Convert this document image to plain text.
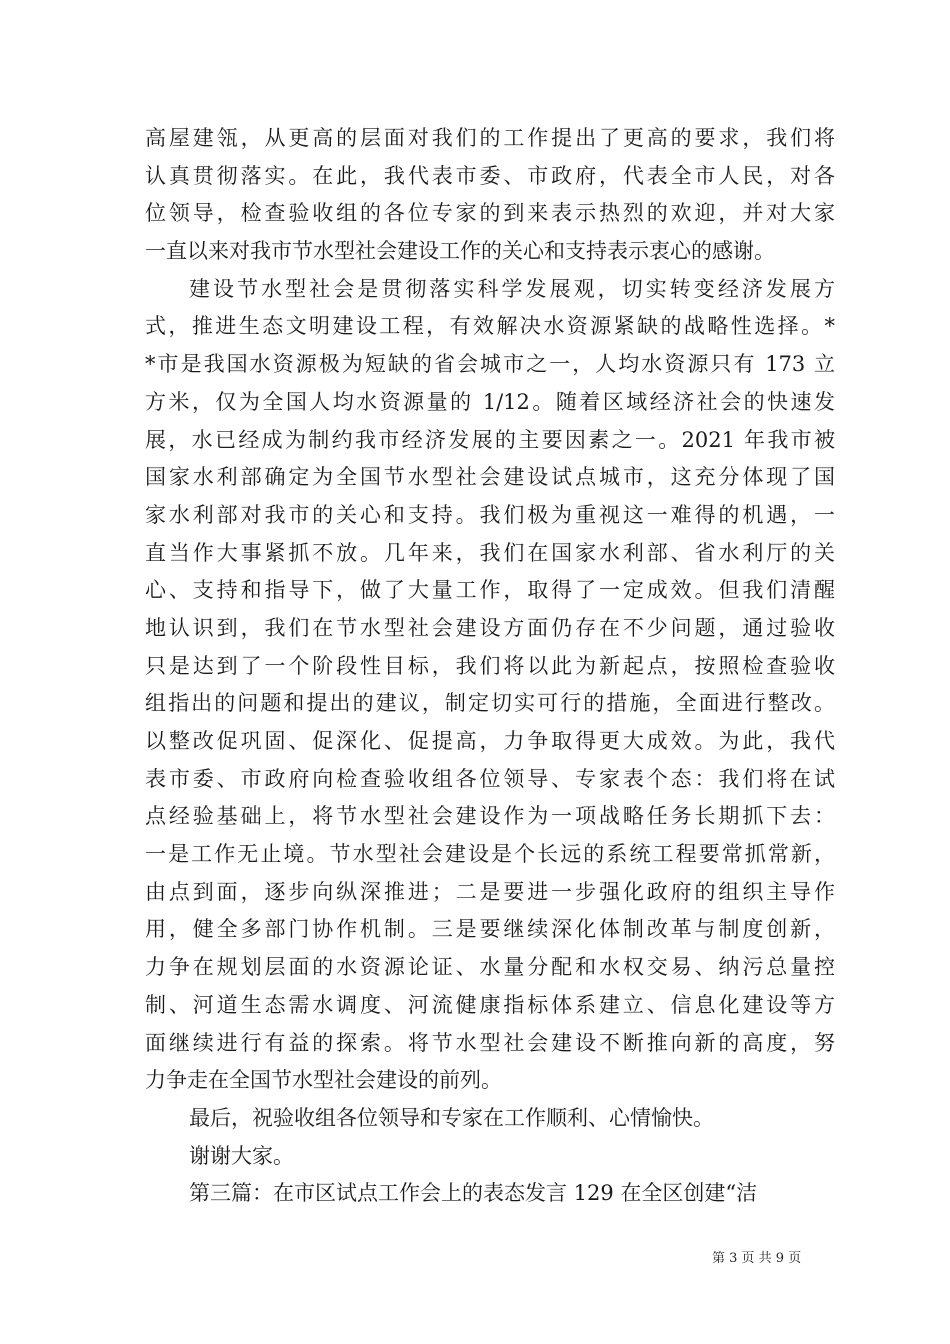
高屋建瓴，从更高的层面对我们的工作提出了更高的要求，我们将
认真贯彻落实。在此，我代表市委、市政府，代表全市人民，对各
位领导，检查验收组的各位专家的到来表示热烈的欢迎，并对大家
一直以来对我市节水型社会建设工作的关心和支持表示衷心的感谢。
建设节水型社会是贯彻落实科学发展观，切实转变经济发展方
式，推进生态文明建设工程，有效解决水资源紧缺的战略性选择。*
*市是我国水资源极为短缺的省会城市之一，人均水资源只有 173 立
方米，仅为全国人均水资源量的 1/12。随着区域经济社会的快速发
展，水已经成为制约我市经济发展的主要因素之一。2021 年我市被
国家水利部确定为全国节水型社会建设试点城市，这充分体现了国
家水利部对我市的关心和支持。我们极为重视这一难得的机遇，一
直当作大事紧抓不放。几年来，我们在国家水利部、省水利厅的关
心、支持和指导下，做了大量工作，取得了一定成效。但我们清醒
地认识到，我们在节水型社会建设方面仍存在不少问题，通过验收
只是达到了一个阶段性目标，我们将以此为新起点，按照检查验收
组指出的问题和提出的建议，制定切实可行的措施，全面进行整改。
以整改促巩固、促深化、促提高，力争取得更大成效。为此，我代
表市委、市政府向检查验收组各位领导、专家表个态：我们将在试
点经验基础上，将节水型社会建设作为一项战略任务长期抓下去：
一是工作无止境。节水型社会建设是个长远的系统工程要常抓常新，
由点到面，逐步向纵深推进；二是要进一步强化政府的组织主导作
用，健全多部门协作机制。三是要继续深化体制改革与制度创新，
力争在规划层面的水资源论证、水量分配和水权交易、纳污总量控
制、河道生态需水调度、河流健康指标体系建立、信息化建设等方
面继续进行有益的探索。将节水型社会建设不断推向新的高度，努
力争走在全国节水型社会建设的前列。
最后，祝验收组各位领导和专家在工作顺利、心情愉快。
谢谢大家。
第三篇：在市区试点工作会上的表态发言 129 在全区创建“洁
第 3 页 共 9 页
